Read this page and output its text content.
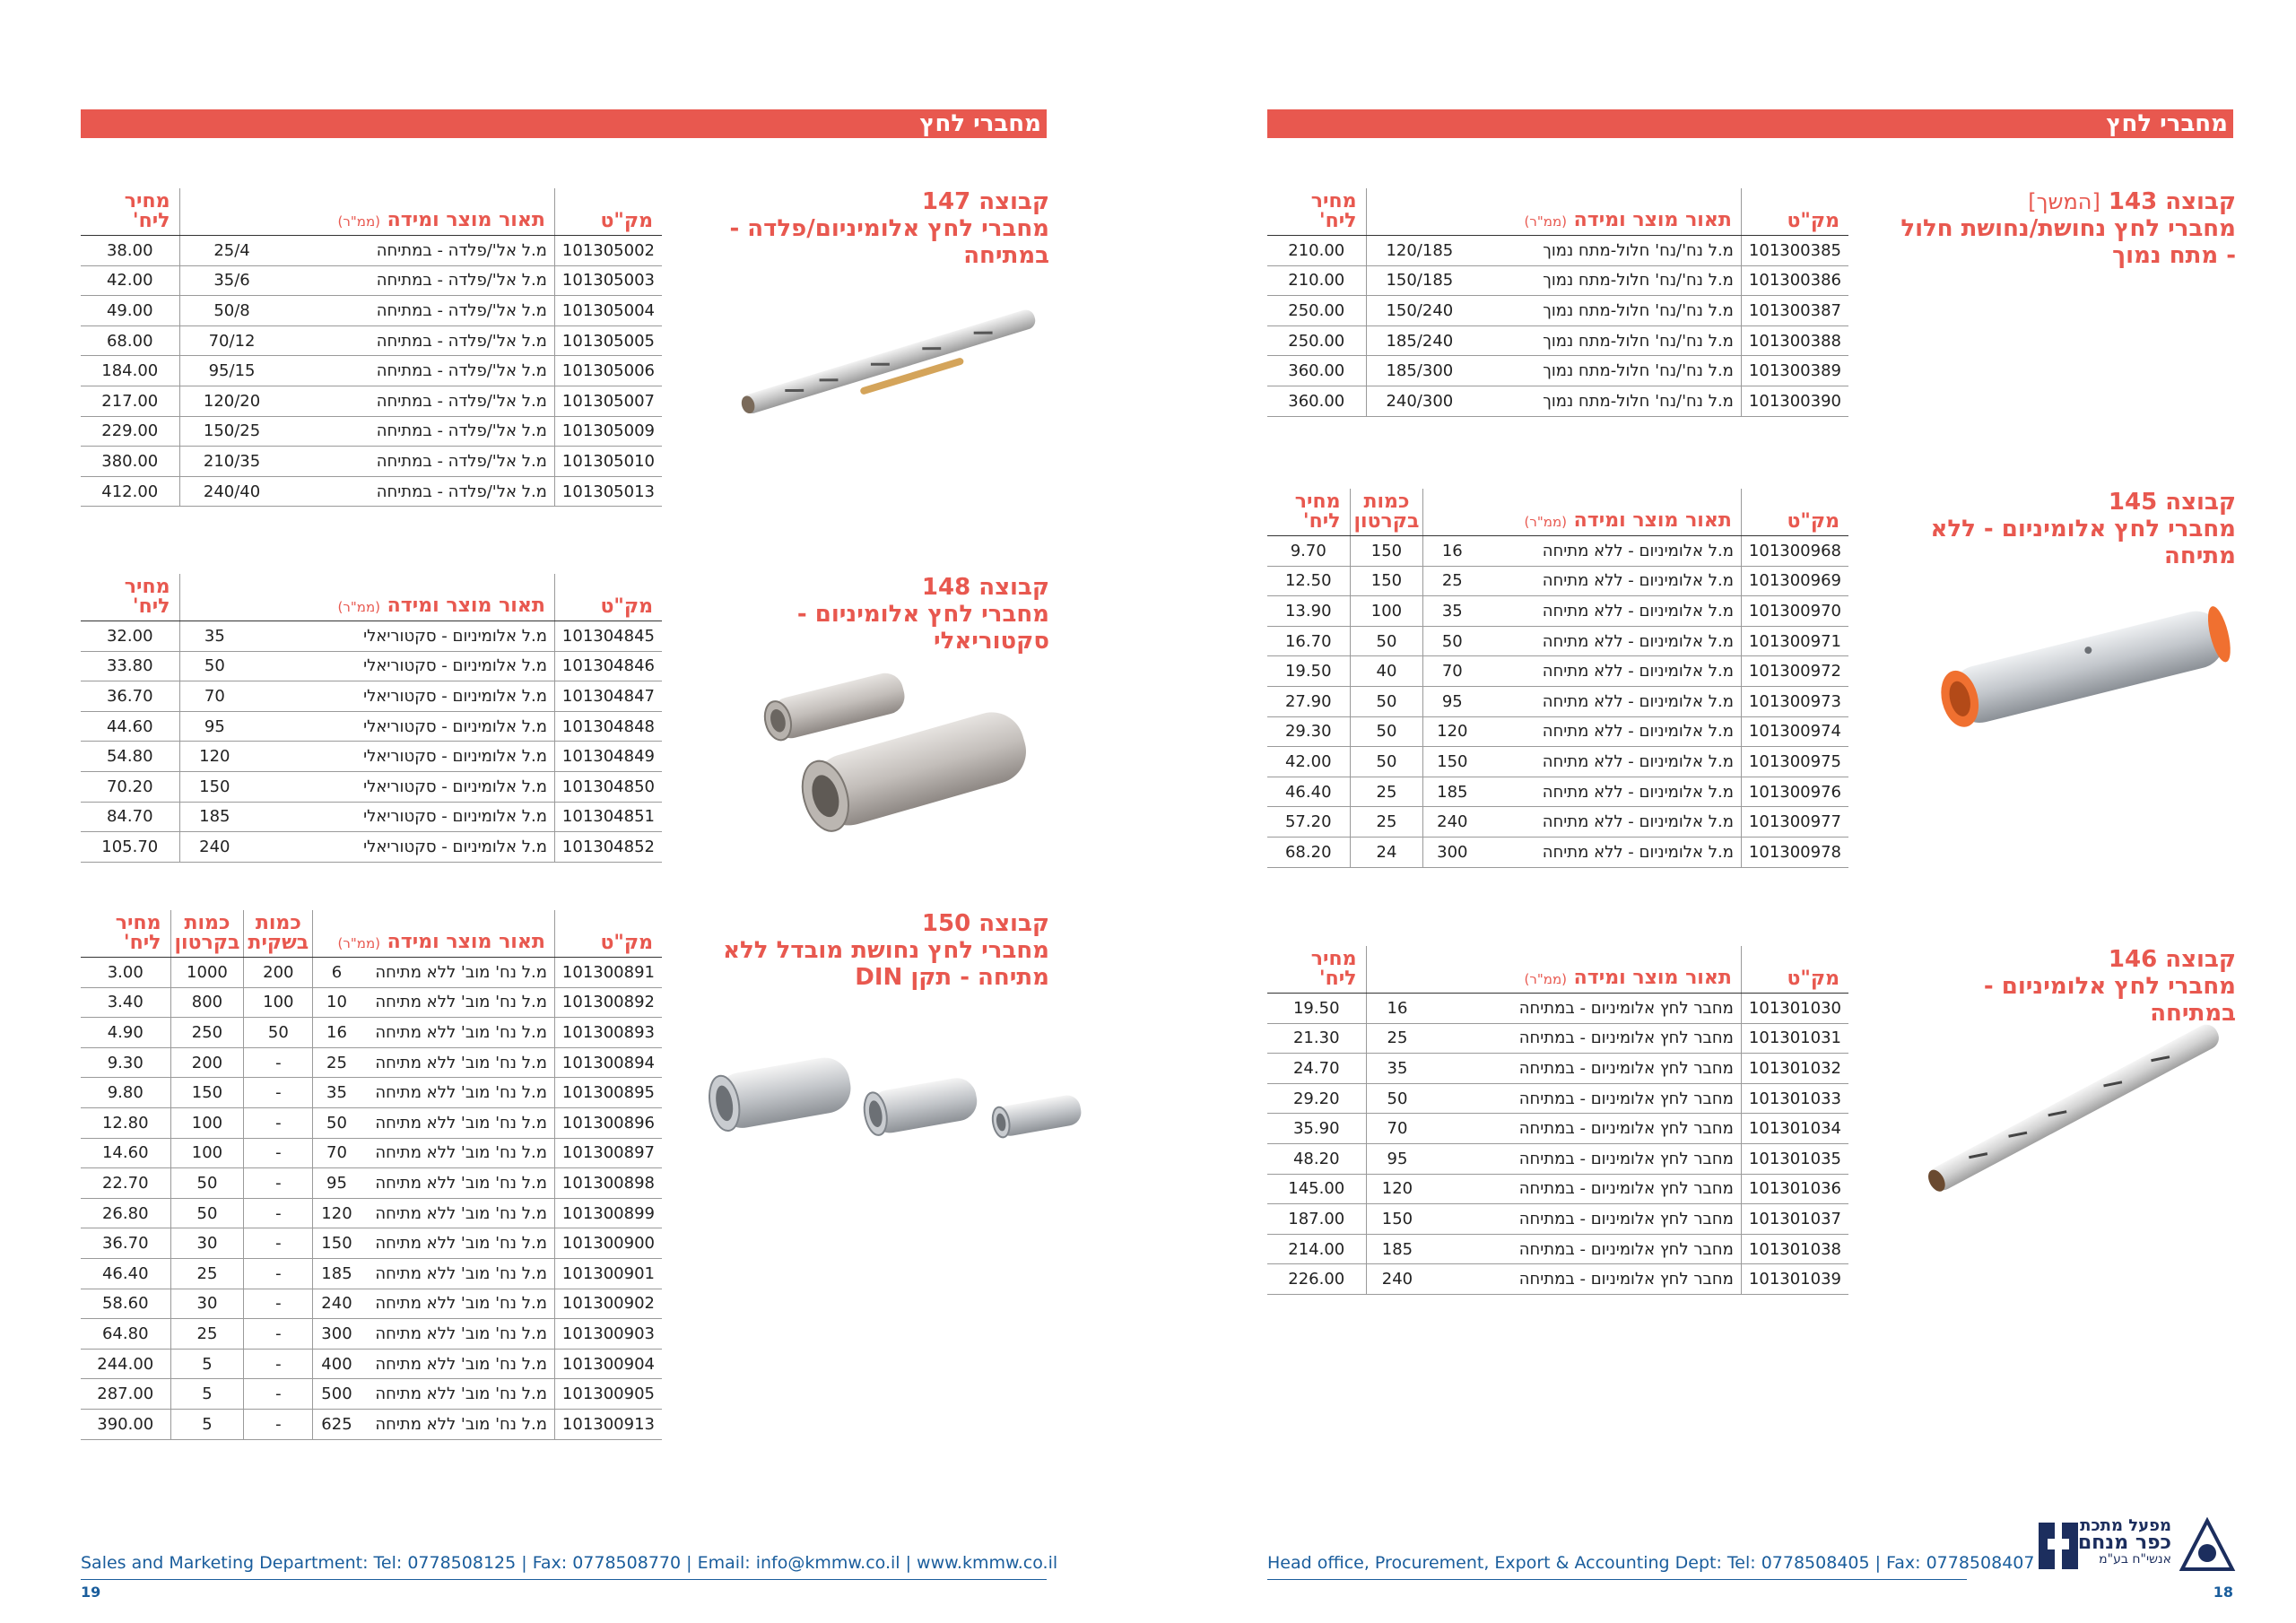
מחברי לחץ
קבוצה 147
מחברי לחץ אלומיניום/פלדה - במתיחה
מק"ט	תאור מוצר ומידה (ממ"ר)		מחיר ליח'
101305002	מ.ל אל'/פלדה - במתיחה	25/4	38.00
101305003	מ.ל אל'/פלדה - במתיחה	35/6	42.00
101305004	מ.ל אל'/פלדה - במתיחה	50/8	49.00
101305005	מ.ל אל'/פלדה - במתיחה	70/12	68.00
101305006	מ.ל אל'/פלדה - במתיחה	95/15	184.00
101305007	מ.ל אל'/פלדה - במתיחה	120/20	217.00
101305009	מ.ל אל'/פלדה - במתיחה	150/25	229.00
101305010	מ.ל אל'/פלדה - במתיחה	210/35	380.00
101305013	מ.ל אל'/פלדה - במתיחה	240/40	412.00
קבוצה 148
מחברי לחץ אלומיניום - סקטוריאלי
מק"ט	תאור מוצר ומידה (ממ"ר)		מחיר ליח'
101304845	מ.ל אלומיניום - סקטוריאלי	35	32.00
101304846	מ.ל אלומיניום - סקטוריאלי	50	33.80
101304847	מ.ל אלומיניום - סקטוריאלי	70	36.70
101304848	מ.ל אלומיניום - סקטוריאלי	95	44.60
101304849	מ.ל אלומיניום - סקטוריאלי	120	54.80
101304850	מ.ל אלומיניום - סקטוריאלי	150	70.20
101304851	מ.ל אלומיניום - סקטוריאלי	185	84.70
101304852	מ.ל אלומיניום - סקטוריאלי	240	105.70
קבוצה 150
מחברי לחץ נחושת מובדל ללא מתיחה - תקן DIN
מק"ט	תאור מוצר ומידה (ממ"ר)		כמות בשקית	כמות בקרטון	מחיר ליח'
101300891	מ.ל נח' מוב' ללא מתיחה	6	200	1000	3.00
101300892	מ.ל נח' מוב' ללא מתיחה	10	100	800	3.40
101300893	מ.ל נח' מוב' ללא מתיחה	16	50	250	4.90
101300894	מ.ל נח' מוב' ללא מתיחה	25	-	200	9.30
101300895	מ.ל נח' מוב' ללא מתיחה	35	-	150	9.80
101300896	מ.ל נח' מוב' ללא מתיחה	50	-	100	12.80
101300897	מ.ל נח' מוב' ללא מתיחה	70	-	100	14.60
101300898	מ.ל נח' מוב' ללא מתיחה	95	-	50	22.70
101300899	מ.ל נח' מוב' ללא מתיחה	120	-	50	26.80
101300900	מ.ל נח' מוב' ללא מתיחה	150	-	30	36.70
101300901	מ.ל נח' מוב' ללא מתיחה	185	-	25	46.40
101300902	מ.ל נח' מוב' ללא מתיחה	240	-	30	58.60
101300903	מ.ל נח' מוב' ללא מתיחה	300	-	25	64.80
101300904	מ.ל נח' מוב' ללא מתיחה	400	-	5	244.00
101300905	מ.ל נח' מוב' ללא מתיחה	500	-	5	287.00
101300913	מ.ל נח' מוב' ללא מתיחה	625	-	5	390.00
Sales and Marketing Department: Tel: 0778508125 | Fax: 0778508770 | Email: info@kmmw.co.il | www.kmmw.co.il
19
מחברי לחץ
קבוצה 143 [המשך]
מחברי לחץ נחושת/נחושת חלול - מתח נמוך
מק"ט	תאור מוצר ומידה (ממ"ר)		מחיר ליח'
101300385	מ.ל נח'/נח' חלול-מתח נמוך	120/185	210.00
101300386	מ.ל נח'/נח' חלול-מתח נמוך	150/185	210.00
101300387	מ.ל נח'/נח' חלול-מתח נמוך	150/240	250.00
101300388	מ.ל נח'/נח' חלול-מתח נמוך	185/240	250.00
101300389	מ.ל נח'/נח' חלול-מתח נמוך	185/300	360.00
101300390	מ.ל נח'/נח' חלול-מתח נמוך	240/300	360.00
קבוצה 145
מחברי לחץ אלומיניום - ללא מתיחה
מק"ט	תאור מוצר ומידה (ממ"ר)		כמות בקרטון	מחיר ליח'
101300968	מ.ל אלומיניום - ללא מתיחה	16	150	9.70
101300969	מ.ל אלומיניום - ללא מתיחה	25	150	12.50
101300970	מ.ל אלומיניום - ללא מתיחה	35	100	13.90
101300971	מ.ל אלומיניום - ללא מתיחה	50	50	16.70
101300972	מ.ל אלומיניום - ללא מתיחה	70	40	19.50
101300973	מ.ל אלומיניום - ללא מתיחה	95	50	27.90
101300974	מ.ל אלומיניום - ללא מתיחה	120	50	29.30
101300975	מ.ל אלומיניום - ללא מתיחה	150	50	42.00
101300976	מ.ל אלומיניום - ללא מתיחה	185	25	46.40
101300977	מ.ל אלומיניום - ללא מתיחה	240	25	57.20
101300978	מ.ל אלומיניום - ללא מתיחה	300	24	68.20
קבוצה 146
מחברי לחץ אלומיניום - במתיחה
מק"ט	תאור מוצר ומידה (ממ"ר)		מחיר ליח'
101301030	מחבר לחץ אלומיניום - במתיחה	16	19.50
101301031	מחבר לחץ אלומיניום - במתיחה	25	21.30
101301032	מחבר לחץ אלומיניום - במתיחה	35	24.70
101301033	מחבר לחץ אלומיניום - במתיחה	50	29.20
101301034	מחבר לחץ אלומיניום - במתיחה	70	35.90
101301035	מחבר לחץ אלומיניום - במתיחה	95	48.20
101301036	מחבר לחץ אלומיניום - במתיחה	120	145.00
101301037	מחבר לחץ אלומיניום - במתיחה	150	187.00
101301038	מחבר לחץ אלומיניום - במתיחה	185	214.00
101301039	מחבר לחץ אלומיניום - במתיחה	240	226.00
מפעל מתכת
כפר מנחם
אנשי"ח בע"מ
Head office, Procurement, Export & Accounting Dept: Tel: 0778508405 | Fax: 0778508407
18
